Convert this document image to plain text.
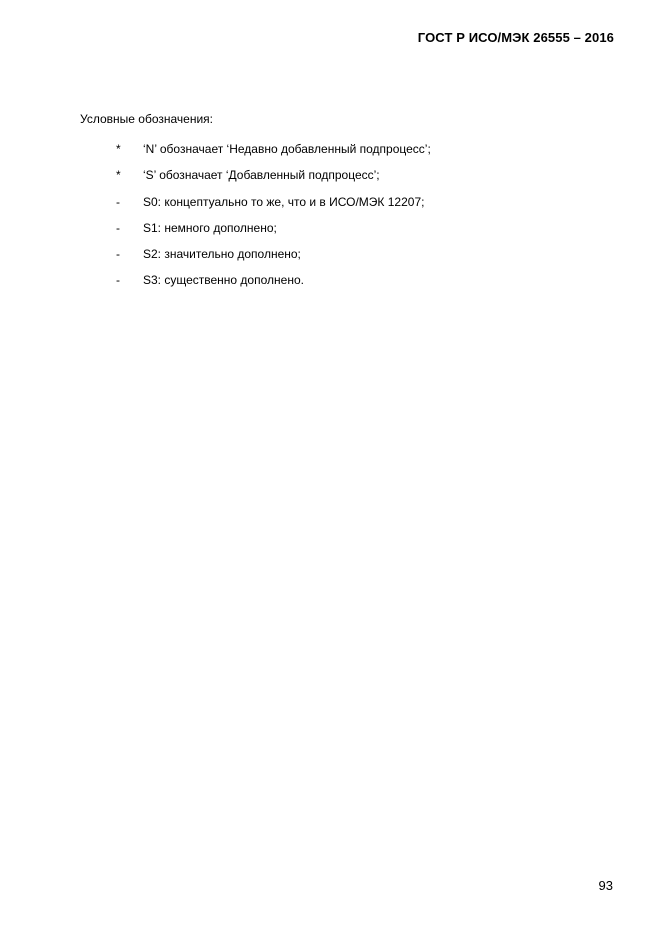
ГОСТ Р ИСО/МЭК 26555 – 2016
Условные обозначения:
* ‘N’ обозначает ‘Недавно добавленный подпроцесс’;
* ‘S’ обозначает ‘Добавленный подпроцесс’;
- S0: концептуально то же, что и в ИСО/МЭК 12207;
- S1: немного дополнено;
- S2: значительно дополнено;
- S3: существенно дополнено.
93
